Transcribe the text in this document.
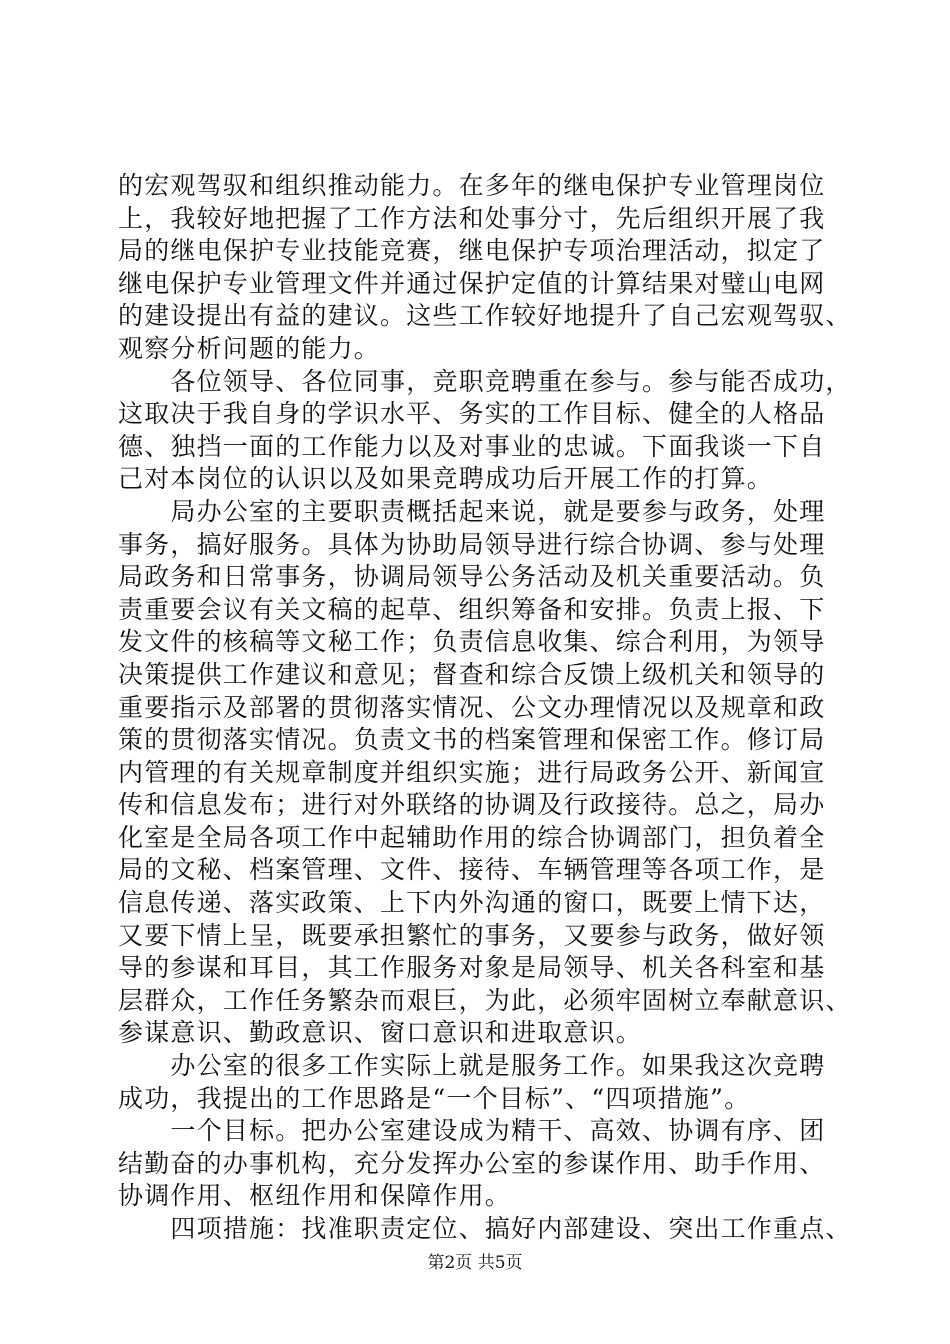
的宏观驾驭和组织推动能力。在多年的继电保护专业管理岗位
上，我较好地把握了工作方法和处事分寸，先后组织开展了我
局的继电保护专业技能竞赛，继电保护专项治理活动，拟定了
继电保护专业管理文件并通过保护定值的计算结果对璧山电网
的建设提出有益的建议。这些工作较好地提升了自己宏观驾驭、
观察分析问题的能力。
　　各位领导、各位同事，竞职竞聘重在参与。参与能否成功，
这取决于我自身的学识水平、务实的工作目标、健全的人格品
德、独挡一面的工作能力以及对事业的忠诚。下面我谈一下自
己对本岗位的认识以及如果竞聘成功后开展工作的打算。
　　局办公室的主要职责概括起来说，就是要参与政务，处理
事务，搞好服务。具体为协助局领导进行综合协调、参与处理
局政务和日常事务，协调局领导公务活动及机关重要活动。负
责重要会议有关文稿的起草、组织筹备和安排。负责上报、下
发文件的核稿等文秘工作；负责信息收集、综合利用，为领导
决策提供工作建议和意见；督查和综合反馈上级机关和领导的
重要指示及部署的贯彻落实情况、公文办理情况以及规章和政
策的贯彻落实情况。负责文书的档案管理和保密工作。修订局
内管理的有关规章制度并组织实施；进行局政务公开、新闻宣
传和信息发布；进行对外联络的协调及行政接待。总之，局办
化室是全局各项工作中起辅助作用的综合协调部门，担负着全
局的文秘、档案管理、文件、接待、车辆管理等各项工作，是
信息传递、落实政策、上下内外沟通的窗口，既要上情下达，
又要下情上呈，既要承担繁忙的事务，又要参与政务，做好领
导的参谋和耳目，其工作服务对象是局领导、机关各科室和基
层群众，工作任务繁杂而艰巨，为此，必须牢固树立奉献意识、
参谋意识、勤政意识、窗口意识和进取意识。
　　办公室的很多工作实际上就是服务工作。如果我这次竞聘
成功，我提出的工作思路是“一个目标”、“四项措施”。
　　一个目标。把办公室建设成为精干、高效、协调有序、团
结勤奋的办事机构，充分发挥办公室的参谋作用、助手作用、
协调作用、枢纽作用和保障作用。
　　四项措施：找准职责定位、搞好内部建设、突出工作重点、
第2页 共5页
